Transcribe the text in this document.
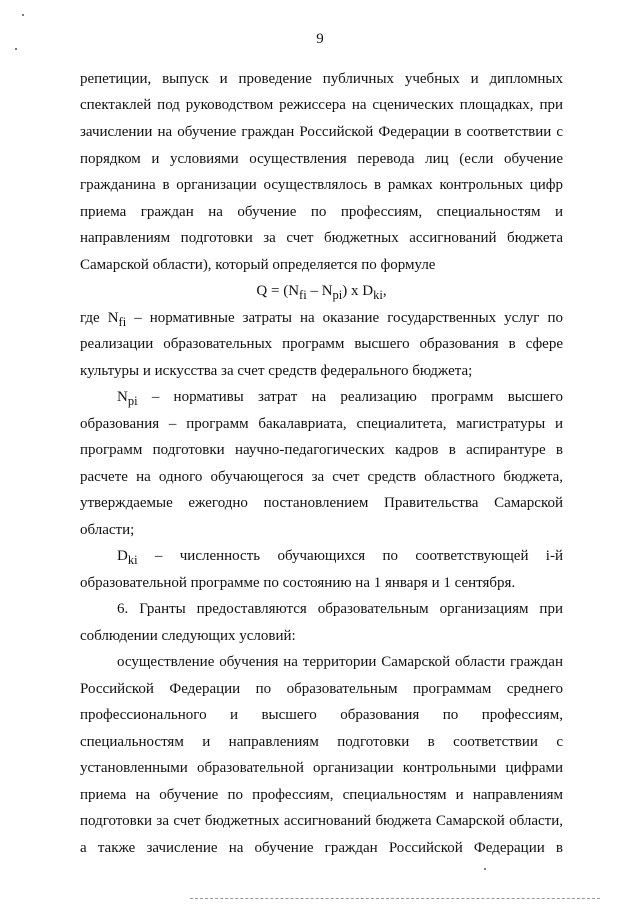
9
репетиции, выпуск и проведение публичных учебных и дипломных
спектаклей под руководством режиссера на сценических площадках, при
зачислении на обучение граждан Российской Федерации в соответствии с
порядком и условиями осуществления перевода лиц (если обучение
гражданина в организации осуществлялось в рамках контрольных цифр
приема граждан на обучение по профессиям, специальностям и
направлениям подготовки за счет бюджетных ассигнований бюджета
Самарской области), который определяется по формуле
$Q = (N_{fi} - N_{pi})$ x $D_{ki}$,
где $N_{fi}$ – нормативные затраты на оказание государственных услуг по
реализации образовательных программ высшего образования в сфере
культуры и искусства за счет средств федерального бюджета;
$N_{pi}$ – нормативы затрат на реализацию программ высшего
образования – программ бакалавриата, специалитета, магистратуры и
программ подготовки научно-педагогических кадров в аспирантуре в
расчете на одного обучающегося за счет средств областного бюджета,
утверждаемые ежегодно постановлением Правительства Самарской
области;
$D_{ki}$ – численность обучающихся по соответствующей i-й
образовательной программе по состоянию на 1 января и 1 сентября.
6. Гранты предоставляются образовательным организациям при
соблюдении следующих условий:
осуществление обучения на территории Самарской области граждан
Российской Федерации по образовательным программам среднего
профессионального и высшего образования по профессиям,
специальностям и направлениям подготовки в соответствии с
установленными образовательной организации контрольными цифрами
приема на обучение по профессиям, специальностям и направлениям
подготовки за счет бюджетных ассигнований бюджета Самарской области,
а также зачисление на обучение граждан Российской Федерации в
